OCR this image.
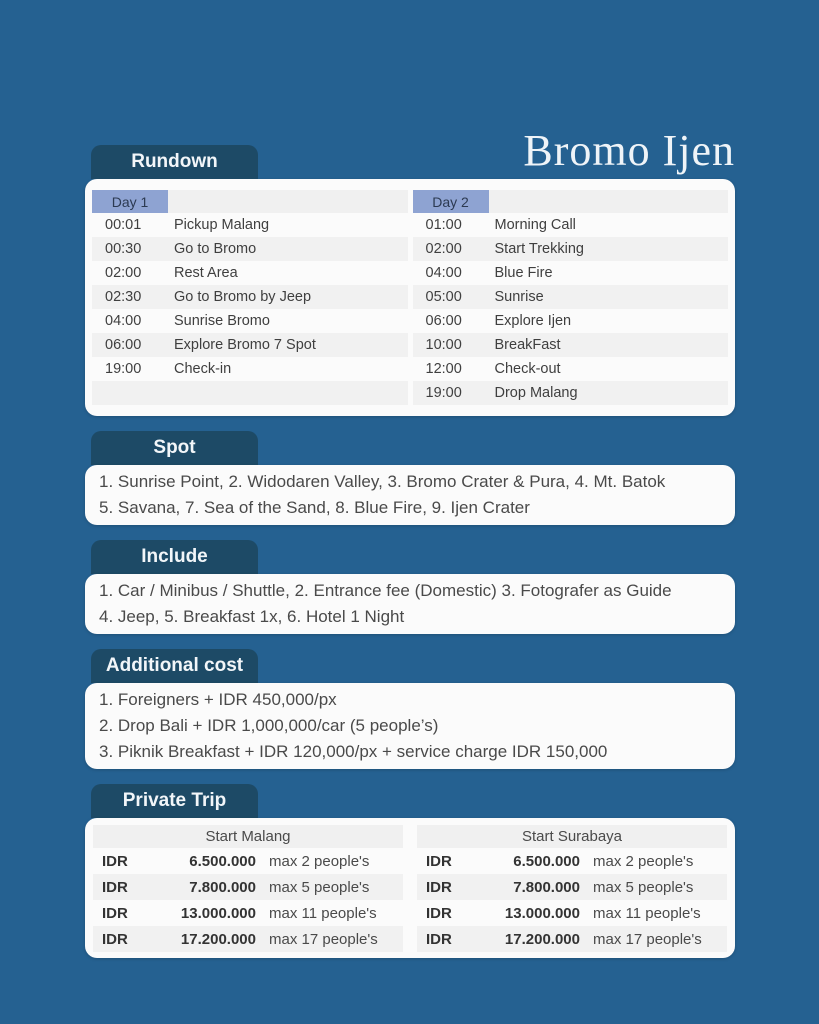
Rundown	Bromo Ijen
Day 1
00:01	Pickup Malang
00:30	Go to Bromo
02:00	Rest Area
02:30	Go to Bromo by Jeep
04:00	Sunrise Bromo
06:00	Explore Bromo 7 Spot
19:00	Check-in
Day 2
01:00	Morning Call
02:00	Start Trekking
04:00	Blue Fire
05:00	Sunrise
06:00	Explore Ijen
10:00	BreakFast
12:00	Check-out
19:00	Drop Malang
Spot
1. Sunrise Point, 2. Widodaren Valley, 3. Bromo Crater & Pura, 4. Mt. Batok
5. Savana, 7. Sea of the Sand, 8. Blue Fire, 9. Ijen Crater
Include
1. Car / Minibus / Shuttle, 2. Entrance fee (Domestic) 3. Fotografer as Guide
4. Jeep, 5. Breakfast 1x, 6. Hotel 1 Night
Additional cost
1. Foreigners + IDR 450,000/px
2. Drop Bali + IDR 1,000,000/car (5 people’s)
3. Piknik Breakfast + IDR 120,000/px + service charge IDR 150,000
Private Trip
Start Malang	Start Surabaya
IDR	6.500.000 max 2 people's	IDR	6.500.000 max 2 people's
IDR	7.800.000 max 5 people's	IDR	7.800.000 max 5 people's
IDR	13.000.000 max 11 people's	IDR	13.000.000 max 11 people's
IDR	17.200.000 max 17 people's	IDR	17.200.000 max 17 people's
